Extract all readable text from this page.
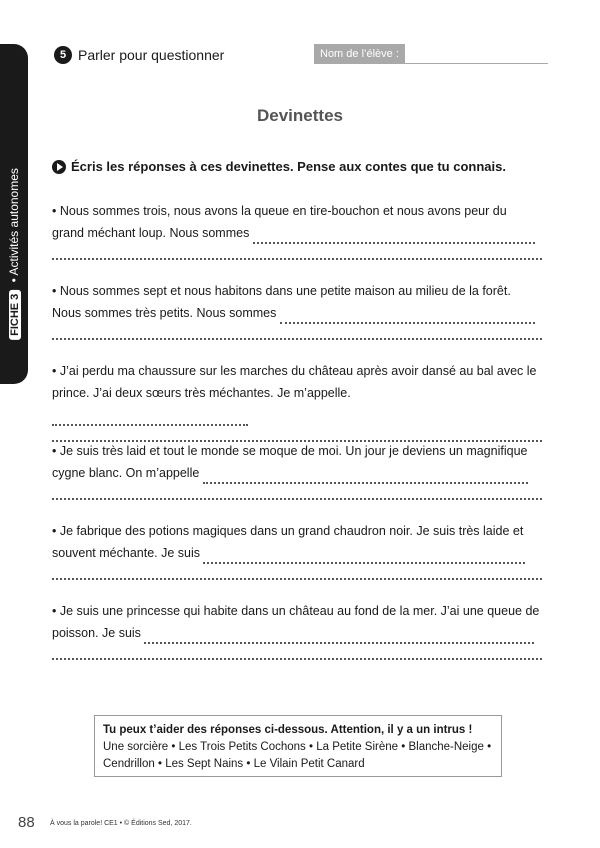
FICHE 3 • Activités autonomes
5 Parler pour questionner	Nom de l’élève :
Devinettes
Écris les réponses à ces devinettes. Pense aux contes que tu connais.

• Nous sommes trois, nous avons la queue en tire-bouchon et nous avons peur du

grand méchant loup. Nous sommes

• Nous sommes sept et nous habitons dans une petite maison au milieu de la forêt.

Nous sommes très petits. Nous sommes

• J’ai perdu ma chaussure sur les marches du château après avoir dansé au bal avec le

prince. J’ai deux sœurs très méchantes. Je m’appelle.

• Je suis très laid et tout le monde se moque de moi. Un jour je deviens un magnifique

cygne blanc. On m’appelle

• Je fabrique des potions magiques dans un grand chaudron noir. Je suis très laide et

souvent méchante. Je suis

• Je suis une princesse qui habite dans un château au fond de la mer. J’ai une queue de

poisson. Je suis

Tu peux t’aider des réponses ci-dessous. Attention, il y a un intrus !
Une sorcière • Les Trois Petits Cochons • La Petite Sirène • Blanche-Neige •
Cendrillon • Les Sept Nains • Le Vilain Petit Canard
88 À vous la parole! CE1 • © Éditions Sed, 2017.
